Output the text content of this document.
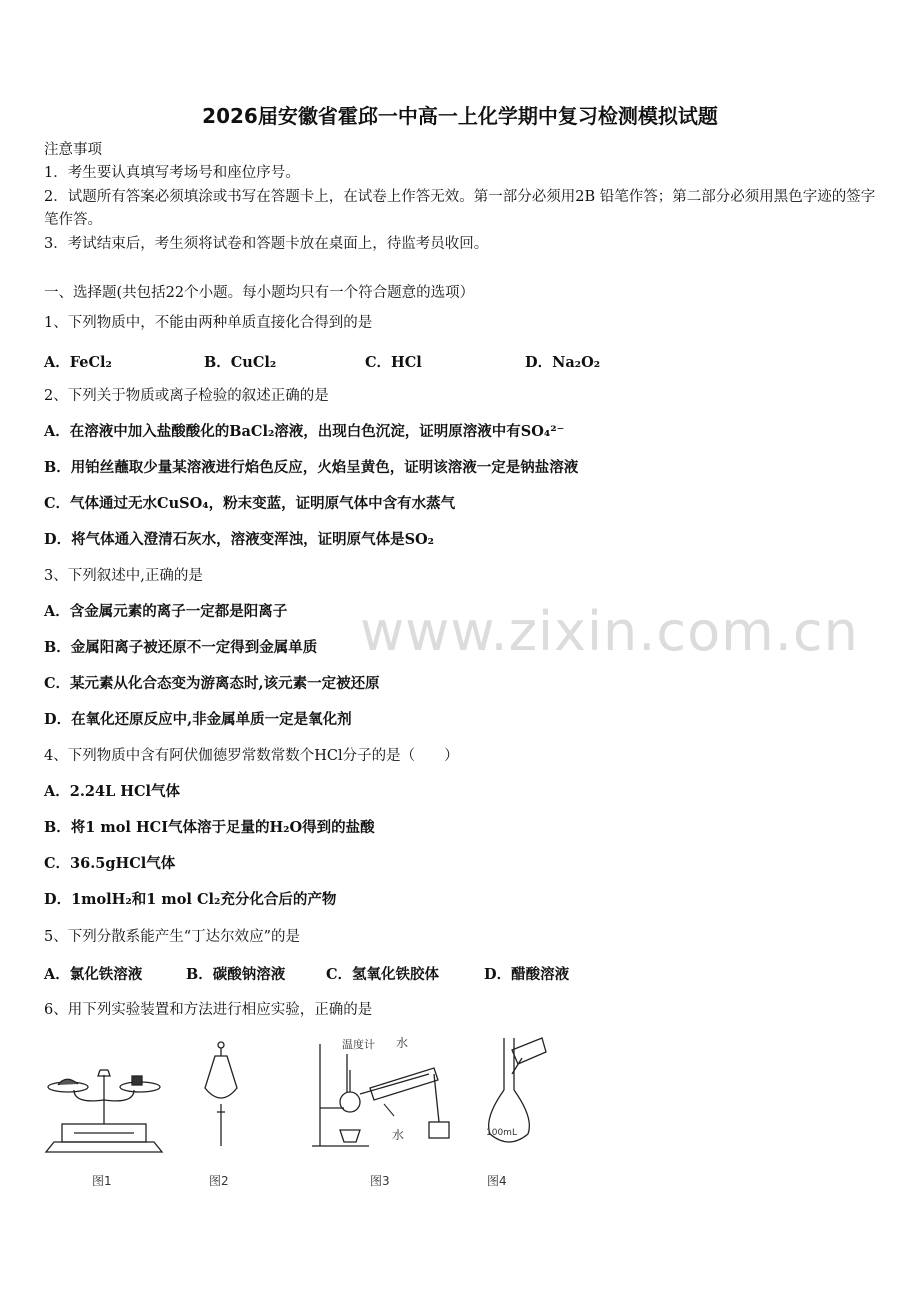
2026届安徽省霍邱一中高一上化学期中复习检测模拟试题
注意事项
1．考生要认真填写考场号和座位序号。
2．试题所有答案必须填涂或书写在答题卡上，在试卷上作答无效。第一部分必须用2B 铅笔作答；第二部分必须用黑色字迹的签字笔作答。
3．考试结束后，考生须将试卷和答题卡放在桌面上，待监考员收回。
一、选择题(共包括22个小题。每小题均只有一个符合题意的选项）
1、下列物质中，不能由两种单质直接化合得到的是
A．FeCl₂	B．CuCl₂	C．HCl	D．Na₂O₂
2、下列关于物质或离子检验的叙述正确的是
A．在溶液中加入盐酸酸化的BaCl₂溶液，出现白色沉淀，证明原溶液中有SO₄²⁻
B．用铂丝蘸取少量某溶液进行焰色反应，火焰呈黄色，证明该溶液一定是钠盐溶液
C．气体通过无水CuSO₄，粉末变蓝，证明原气体中含有水蒸气
D．将气体通入澄清石灰水，溶液变浑浊，证明原气体是SO₂
3、下列叙述中,正确的是
A．含金属元素的离子一定都是阳离子
B．金属阳离子被还原不一定得到金属单质
C．某元素从化合态变为游离态时,该元素一定被还原
D．在氧化还原反应中,非金属单质一定是氧化剂
4、下列物质中含有阿伏伽德罗常数常数个HCl分子的是（　　）
A．2.24L HCl气体
B．将1 mol HCI气体溶于足量的H₂O得到的盐酸
C．36.5gHCl气体
D．1molH₂和1 mol Cl₂充分化合后的产物
5、下列分散系能产生“丁达尔效应”的是
A．氯化铁溶液	B．碳酸钠溶液	C．氢氧化铁胶体	D．醋酸溶液
6、用下列实验装置和方法进行相应实验，正确的是
www.zixin.com.cn
温度计 水
水	100mL
图1	图2	图3	图4
